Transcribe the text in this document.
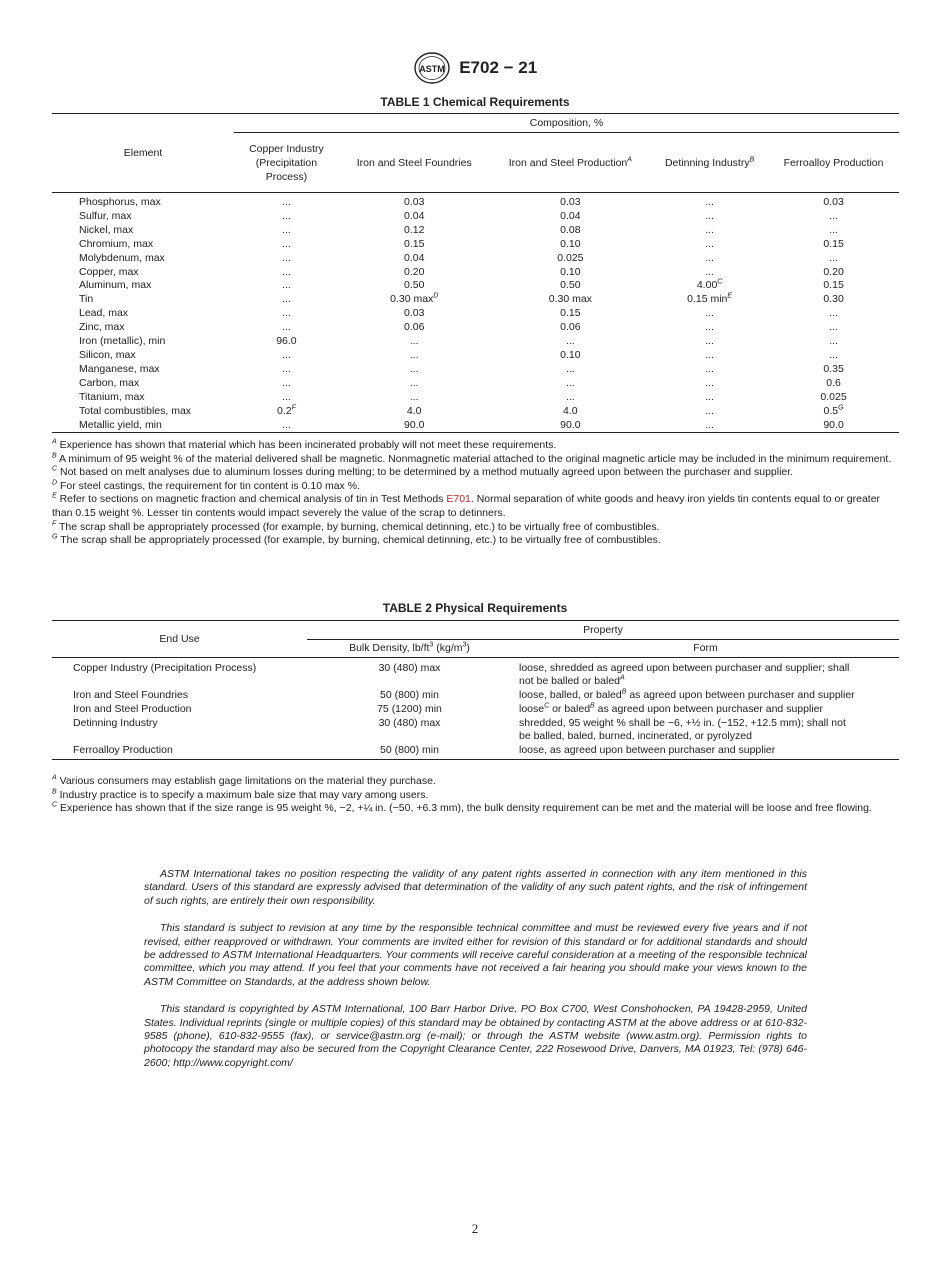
ASTM E702 − 21
TABLE 1 Chemical Requirements
Element	Composition, %				

	Copper Industry (Precipitation Process)	Iron and Steel Foundries	Iron and Steel Production$^A$	Detinning Industry$^B$	Ferroalloy Production

Phosphorus, max	...	0.03	0.03	...	0.03
Sulfur, max	...	0.04	0.04	...	...
Nickel, max	...	0.12	0.08	...	...
Chromium, max	...	0.15	0.10	...	0.15
Molybdenum, max	...	0.04	0.025	...	...
Copper, max	...	0.20	0.10	...	0.20
Aluminum, max	...	0.50	0.50	$4.00^C$	0.15
Tin	...	0.30 $\max^D$	0.30 max	0.15 $\min^E$	0.30
Lead, max	...	0.03	0.15	...	...
Zinc, max	...	0.06	0.06	...	...
Iron (metallic), min	96.0	...	...	...	...
Silicon, max	...	...	0.10	...	...
Manganese, max	...	...	...	...	0.35
Carbon, max	...	...	...	...	0.6
Titanium, max	...	...	...	...	0.025
Total combustibles, max	$0.2^F$	4.0	4.0	...	$0.5^G$
Metallic yield, min	...	90.0	90.0	...	90.0

$^A$ Experience has shown that material which has been incinerated probably will not meet these requirements.

$^B$ A minimum of 95 weight % of the material delivered shall be magnetic. Nonmagnetic material attached to the original magnetic article may be included in the minimum requirement.

$^C$ Not based on melt analyses due to aluminum losses during melting; to be determined by a method mutually agreed upon between the purchaser and supplier.

$^D$ For steel castings, the requirement for tin content is 0.10 max %.

$^E$ Refer to sections on magnetic fraction and chemical analysis of tin in Test Methods E701. Normal separation of white goods and heavy iron yields tin contents equal to or greater than 0.15 weight %. Lesser tin contents would impact severely the value of the scrap to detinners.

$^F$ The scrap shall be appropriately processed (for example, by burning, chemical detinning, etc.) to be virtually free of combustibles.

$^G$ The scrap shall be appropriately processed (for example, by burning, chemical detinning, etc.) to be virtually free of combustibles.

TABLE 2 Physical Requirements
End Use	Property	
	Bulk Density, $lb/ft^3$ $(kg/m^3)$	Form
Copper Industry (Precipitation Process)	30 (480) max	loose, shredded as agreed upon between purchaser and supplier; shall not be balled or baled$^A$
Iron and Steel Foundries	50 (800) min	loose, balled, or baled$^B$ as agreed upon between purchaser and supplier
Iron and Steel Production	75 (1200) min	loose$^C$ or baled$^B$ as agreed upon between purchaser and supplier
Detinning Industry	30 (480) max	shredded, 95 weight % shall be −6, +½ in. (−152, +12.5 mm); shall not be balled, baled, burned, incinerated, or pyrolyzed
Ferroalloy Production	50 (800) min	loose, as agreed upon between purchaser and supplier

$^A$ Various consumers may establish gage limitations on the material they purchase.

$^B$ Industry practice is to specify a maximum bale size that may vary among users.

$^C$ Experience has shown that if the size range is 95 weight %, −2, +¼ in. (−50, +6.3 mm), the bulk density requirement can be met and the material will be loose and free flowing.

ASTM International takes no position respecting the validity of any patent rights asserted in connection with any item mentioned in this standard. Users of this standard are expressly advised that determination of the validity of any such patent rights, and the risk of infringement of such rights, are entirely their own responsibility.

This standard is subject to revision at any time by the responsible technical committee and must be reviewed every five years and if not revised, either reapproved or withdrawn. Your comments are invited either for revision of this standard or for additional standards and should be addressed to ASTM International Headquarters. Your comments will receive careful consideration at a meeting of the responsible technical committee, which you may attend. If you feel that your comments have not received a fair hearing you should make your views known to the ASTM Committee on Standards, at the address shown below.

This standard is copyrighted by ASTM International, 100 Barr Harbor Drive, PO Box C700, West Conshohocken, PA 19428-2959, United States. Individual reprints (single or multiple copies) of this standard may be obtained by contacting ASTM at the above address or at 610-832-9585 (phone), 610-832-9555 (fax), or service@astm.org (e-mail); or through the ASTM website (www.astm.org). Permission rights to photocopy the standard may also be secured from the Copyright Clearance Center, 222 Rosewood Drive, Danvers, MA 01923, Tel: (978) 646-2600; http://www.copyright.com/

2
